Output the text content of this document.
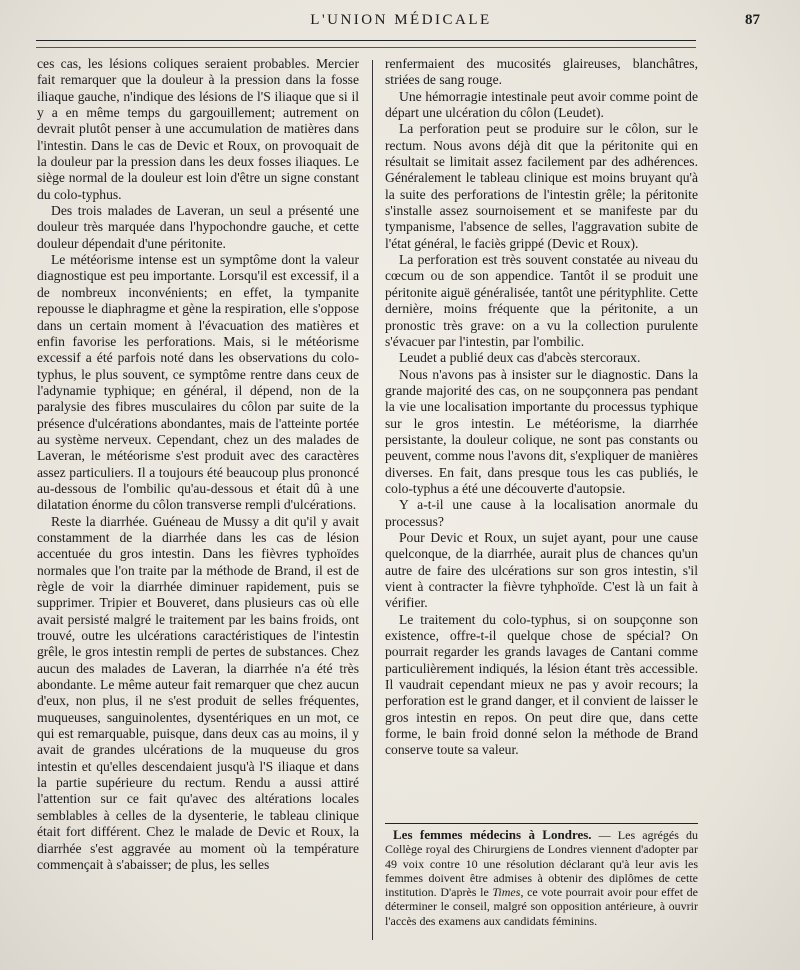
L'UNION MÉDICALE	87

ces cas, les lésions coliques seraient probables. Mercier fait remarquer que la douleur à la pression dans la fosse iliaque gauche, n'indique des lésions de l'S iliaque que si il y a en même temps du gargouillement; autrement on devrait plutôt penser à une accumulation de matières dans l'intestin. Dans le cas de Devic et Roux, on provoquait de la douleur par la pression dans les deux fosses iliaques. Le siège normal de la douleur est loin d'être un signe constant du colo-typhus.

Des trois malades de Laveran, un seul a présenté une douleur très marquée dans l'hypochondre gauche, et cette douleur dépendait d'une péritonite.

Le météorisme intense est un symptôme dont la valeur diagnostique est peu importante. Lorsqu'il est excessif, il a de nombreux inconvénients; en effet, la tympanite repousse le diaphragme et gène la respiration, elle s'oppose dans un certain moment à l'évacuation des matières et enfin favorise les perforations. Mais, si le météorisme excessif a été parfois noté dans les observations du colo-typhus, le plus souvent, ce symptôme rentre dans ceux de l'adynamie typhique; en général, il dépend, non de la paralysie des fibres musculaires du côlon par suite de la présence d'ulcérations abondantes, mais de l'atteinte portée au système nerveux. Cependant, chez un des malades de Laveran, le météorisme s'est produit avec des caractères assez particuliers. Il a toujours été beaucoup plus prononcé au-dessous de l'ombilic qu'au-dessous et était dû à une dilatation énorme du côlon transverse rempli d'ulcérations.

Reste la diarrhée. Guéneau de Mussy a dit qu'il y avait constamment de la diarrhée dans les cas de lésion accentuée du gros intestin. Dans les fièvres typhoïdes normales que l'on traite par la méthode de Brand, il est de règle de voir la diarrhée diminuer rapidement, puis se supprimer. Tripier et Bouveret, dans plusieurs cas où elle avait persisté malgré le traitement par les bains froids, ont trouvé, outre les ulcérations caractéristiques de l'intestin grêle, le gros intestin rempli de pertes de substances. Chez aucun des malades de Laveran, la diarrhée n'a été très abondante. Le même auteur fait remarquer que chez aucun d'eux, non plus, il ne s'est produit de selles fréquentes, muqueuses, sanguinolentes, dysentériques en un mot, ce qui est remarquable, puisque, dans deux cas au moins, il y avait de grandes ulcérations de la muqueuse du gros intestin et qu'elles descendaient jusqu'à l'S iliaque et dans la partie supérieure du rectum. Rendu a aussi attiré l'attention sur ce fait qu'avec des altérations locales semblables à celles de la dysenterie, le tableau clinique était fort différent. Chez le malade de Devic et Roux, la diarrhée s'est aggravée au moment où la température commençait à s'abaisser; de plus, les selles

renfermaient des mucosités glaireuses, blanchâtres, striées de sang rouge.

Une hémorragie intestinale peut avoir comme point de départ une ulcération du côlon (Leudet).

La perforation peut se produire sur le côlon, sur le rectum. Nous avons déjà dit que la péritonite qui en résultait se limitait assez facilement par des adhérences. Généralement le tableau clinique est moins bruyant qu'à la suite des perforations de l'intestin grêle; la péritonite s'installe assez sournoisement et se manifeste par du tympanisme, l'absence de selles, l'aggravation subite de l'état général, le faciès grippé (Devic et Roux).

La perforation est très souvent constatée au niveau du cœcum ou de son appendice. Tantôt il se produit une péritonite aiguë généralisée, tantôt une pérityphlite. Cette dernière, moins fréquente que la péritonite, a un pronostic très grave: on a vu la collection purulente s'évacuer par l'intestin, par l'ombilic.

Leudet a publié deux cas d'abcès stercoraux.

Nous n'avons pas à insister sur le diagnostic. Dans la grande majorité des cas, on ne soupçonnera pas pendant la vie une localisation importante du processus typhique sur le gros intestin. Le météorisme, la diarrhée persistante, la douleur colique, ne sont pas constants ou peuvent, comme nous l'avons dit, s'expliquer de manières diverses. En fait, dans presque tous les cas publiés, le colo-typhus a été une découverte d'autopsie.

Y a-t-il une cause à la localisation anormale du processus?

Pour Devic et Roux, un sujet ayant, pour une cause quelconque, de la diarrhée, aurait plus de chances qu'un autre de faire des ulcérations sur son gros intestin, s'il vient à contracter la fièvre tyhphoïde. C'est là un fait à vérifier.

Le traitement du colo-typhus, si on soupçonne son existence, offre-t-il quelque chose de spécial? On pourrait regarder les grands lavages de Cantani comme particulièrement indiqués, la lésion étant très accessible. Il vaudrait cependant mieux ne pas y avoir recours; la perforation est le grand danger, et il convient de laisser le gros intestin en repos. On peut dire que, dans cette forme, le bain froid donné selon la méthode de Brand conserve toute sa valeur.

Les femmes médecins à Londres. — Les agrégés du Collège royal des Chirurgiens de Londres viennent d'adopter par 49 voix contre 10 une résolution déclarant qu'à leur avis les femmes doivent être admises à obtenir des diplômes de cette institution. D'après le Times, ce vote pourrait avoir pour effet de déterminer le conseil, malgré son opposition antérieure, à ouvrir l'accès des examens aux candidats féminins.
